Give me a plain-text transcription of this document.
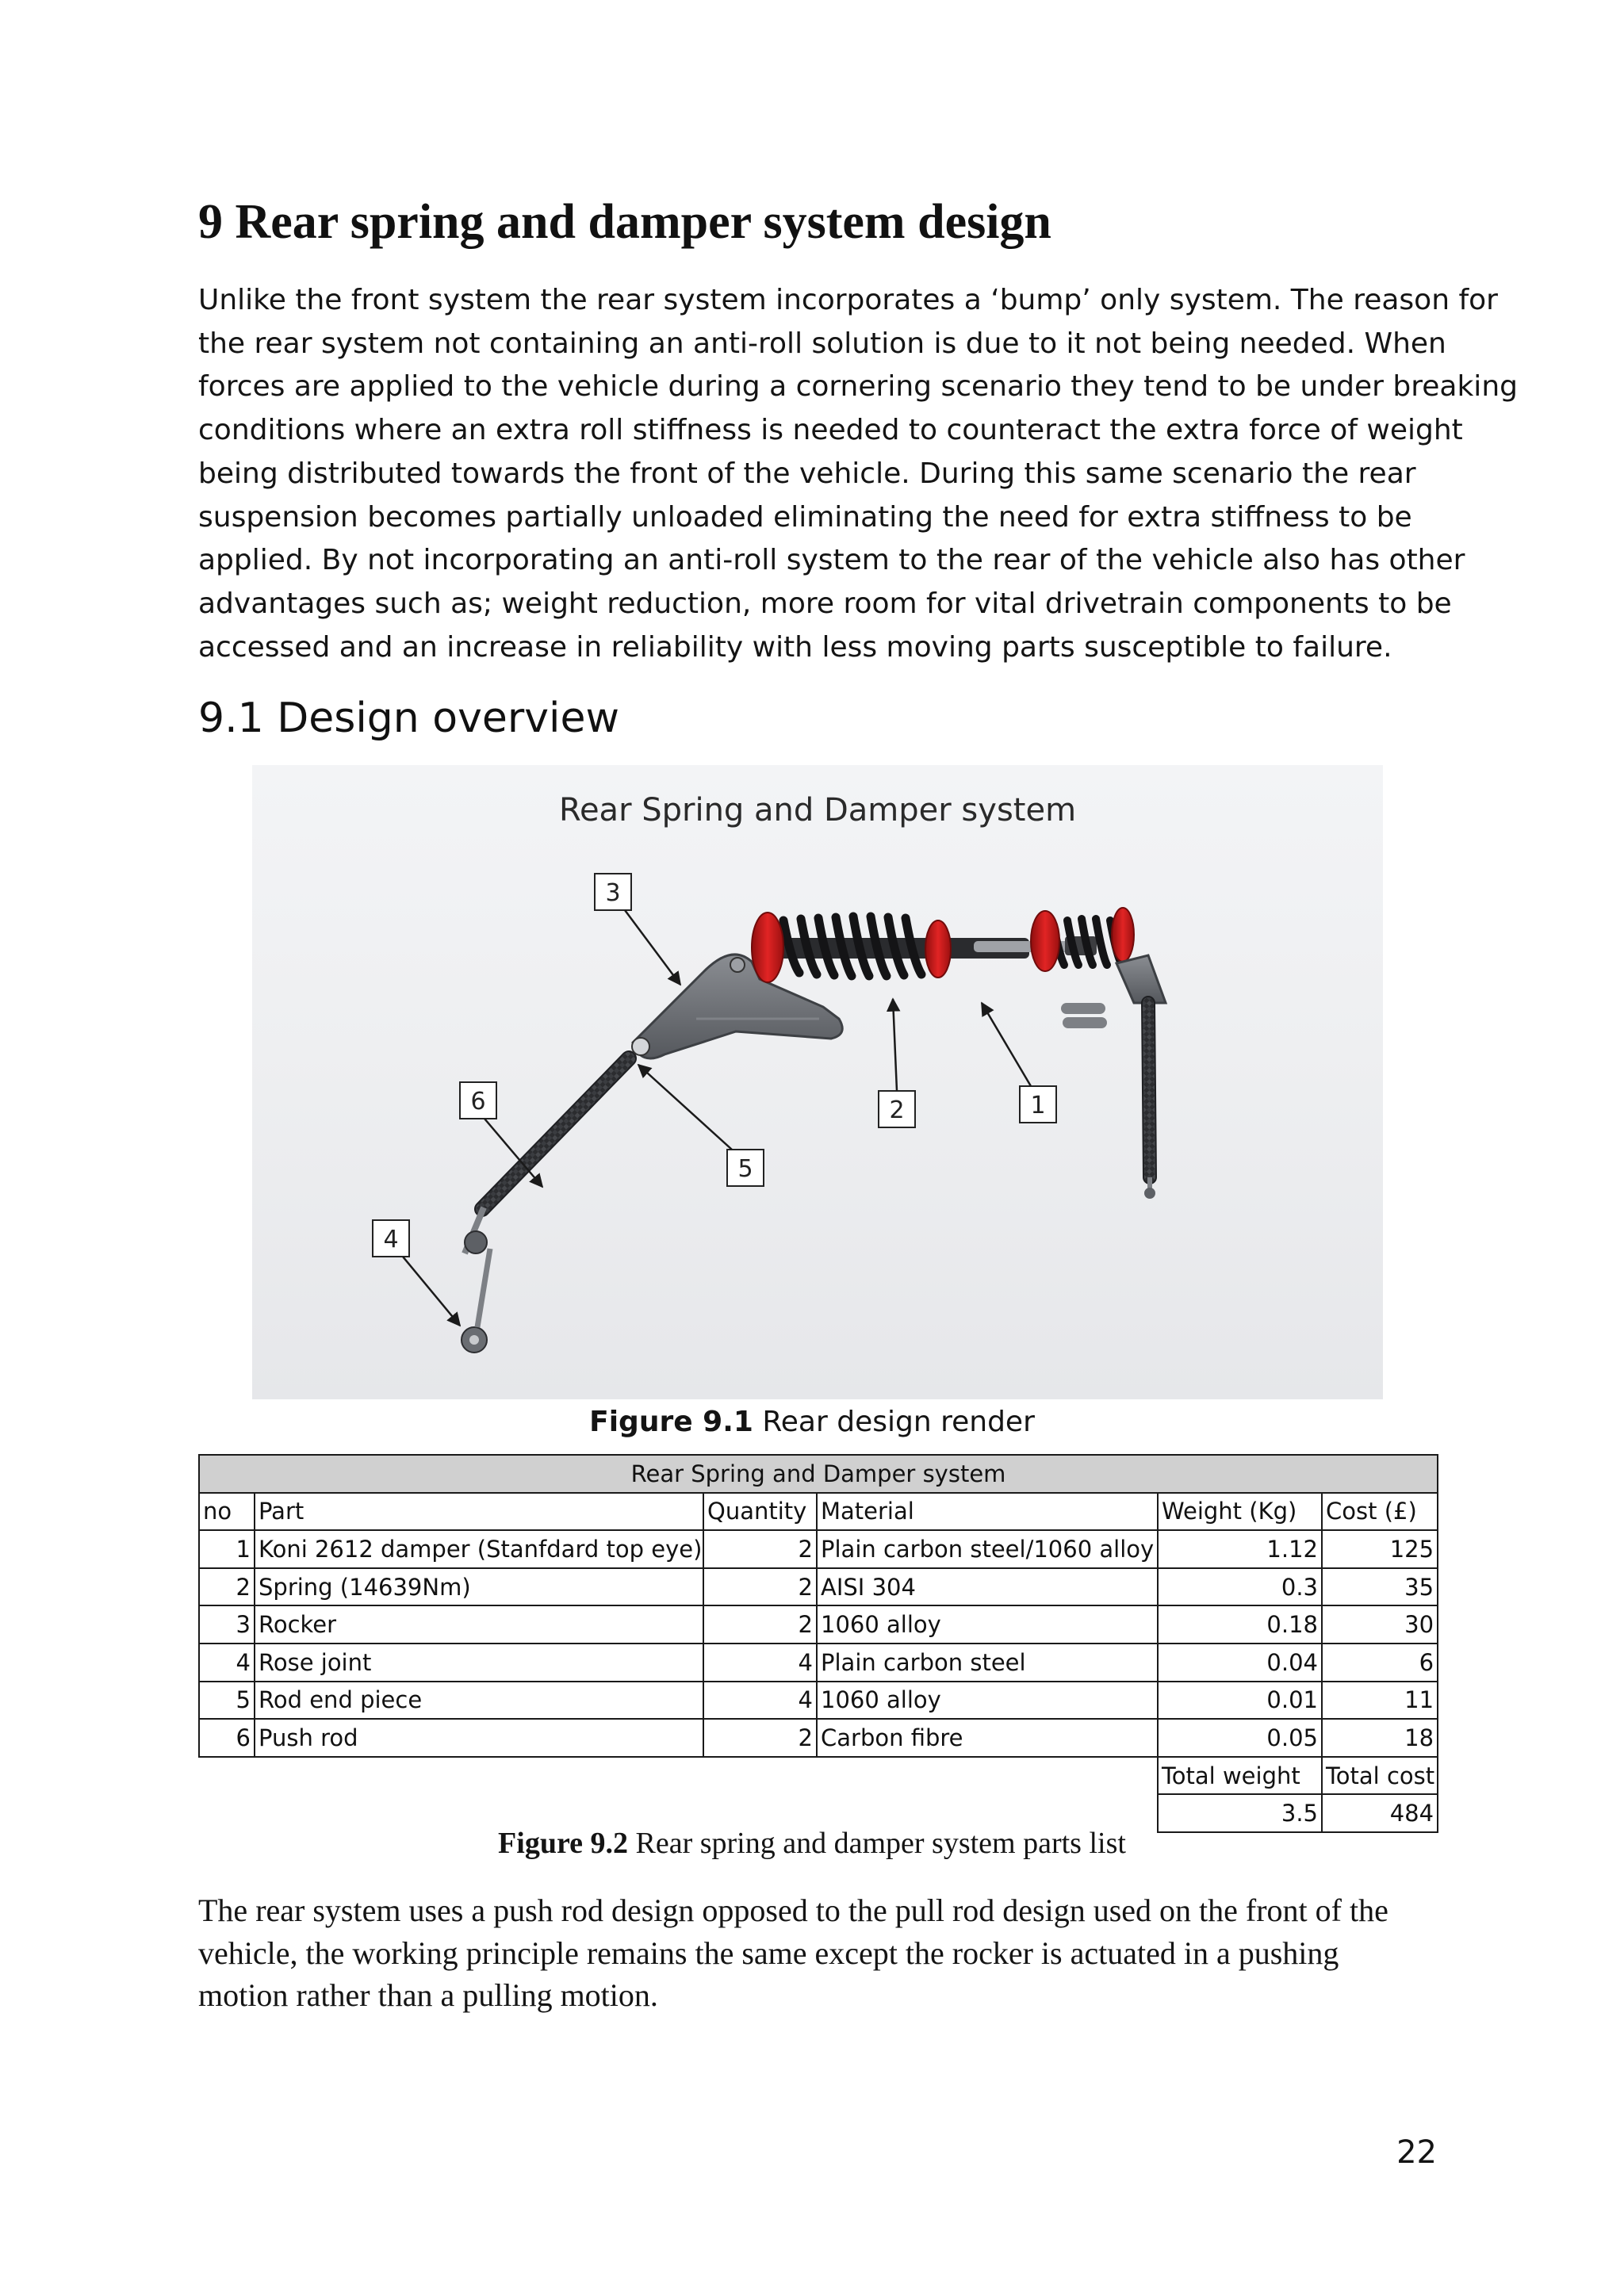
9 Rear spring and damper system design

Unlike the front system the rear system incorporates a ‘bump’ only system. The reason for
the rear system not containing an anti-roll solution is due to it not being needed. When
forces are applied to the vehicle during a cornering scenario they tend to be under breaking
conditions where an extra roll stiffness is needed to counteract the extra force of weight
being distributed towards the front of the vehicle. During this same scenario the rear
suspension becomes partially unloaded eliminating the need for extra stiffness to be
applied. By not incorporating an anti-roll system to the rear of the vehicle also has other
advantages such as; weight reduction, more room for vital drivetrain components to be
accessed and an increase in reliability with less moving parts susceptible to failure.

9.1 Design overview
Rear Spring and Damper system
3
6	2	1
5
4
Figure 9.1 Rear design render
Rear Spring and Damper system					
no	Part	Quantity	Material	Weight (Kg)	Cost (£)
1	Koni 2612 damper (Stanfdard top eye)	2	Plain carbon steel/1060 alloy	1.12	125
2	Spring (14639Nm)	2	AISI 304	0.3	35
3	Rocker	2	1060 alloy	0.18	30
4	Rose joint	4	Plain carbon steel	0.04	6
5	Rod end piece	4	1060 alloy	0.01	11
6	Push rod	2	Carbon fibre	0.05	18
				Total weight	Total cost
				3.5	484
Figure 9.2 Rear spring and damper system parts list

The rear system uses a push rod design opposed to the pull rod design used on the front of the
vehicle, the working principle remains the same except the rocker is actuated in a pushing
motion rather than a pulling motion.

22
